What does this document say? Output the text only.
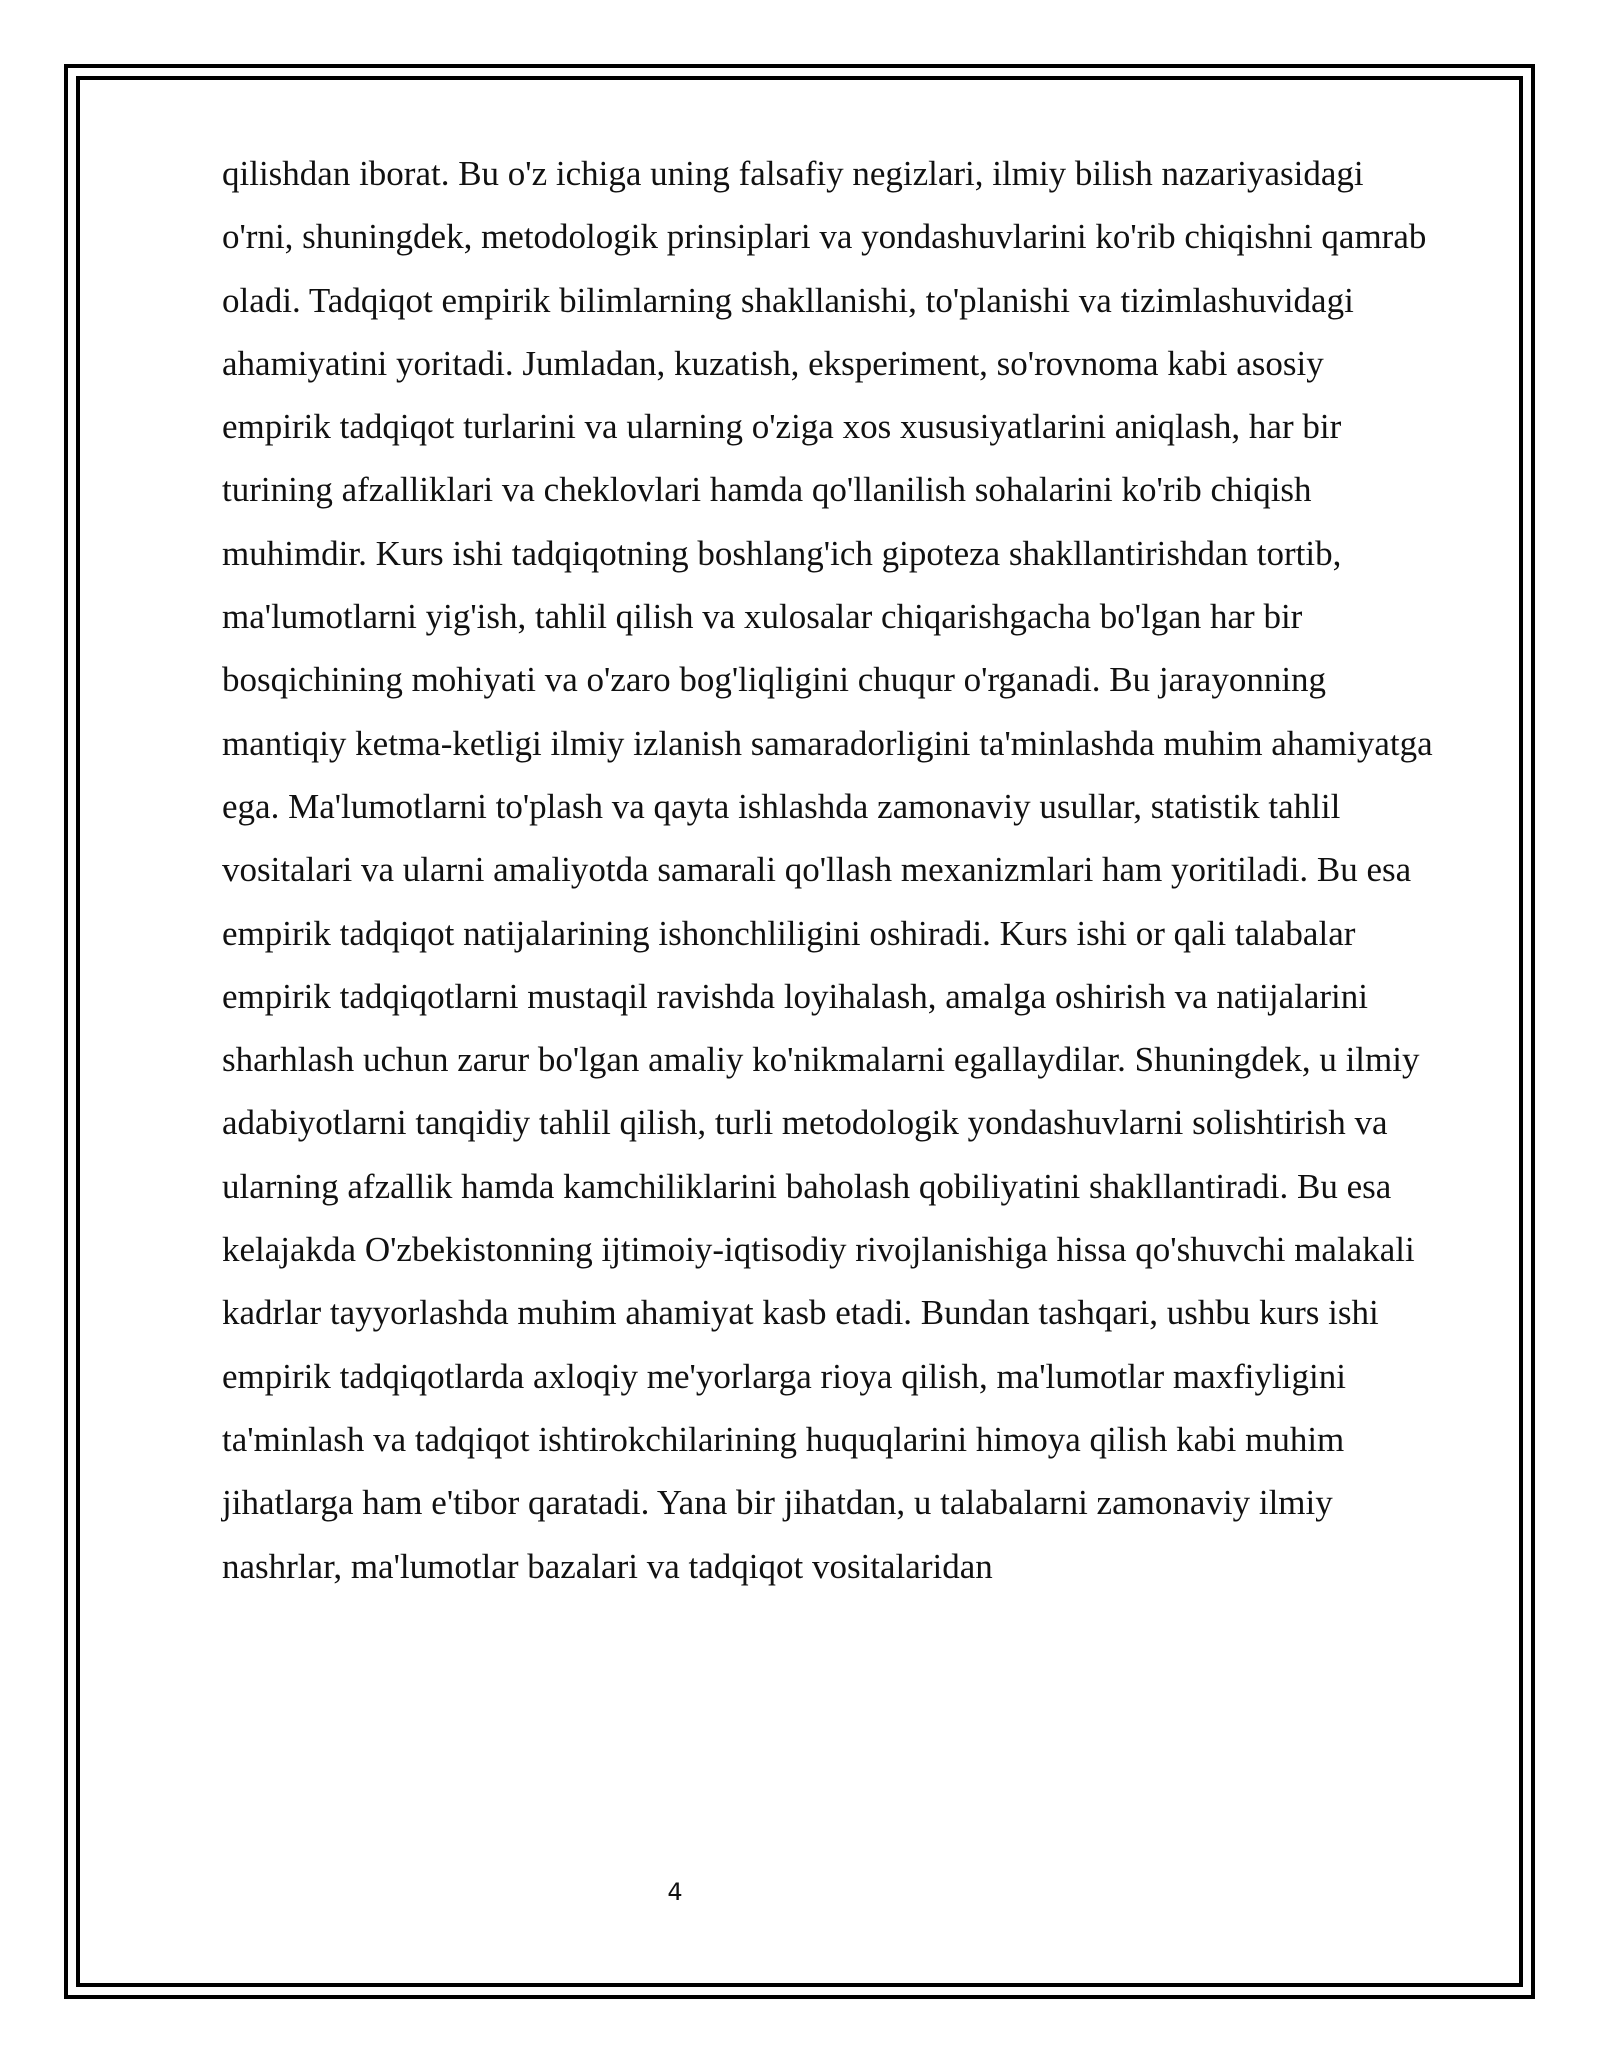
qilishdan iborat. Bu o'z ichiga uning falsafiy negizlari, ilmiy bilish nazariyasidagi
o'rni, shuningdek, metodologik prinsiplari va yondashuvlarini ko'rib chiqishni qamrab
oladi. Tadqiqot empirik bilimlarning shakllanishi, to'planishi va tizimlashuvidagi
ahamiyatini yoritadi. Jumladan, kuzatish, eksperiment, so'rovnoma kabi asosiy
empirik tadqiqot turlarini va ularning o'ziga xos xususiyatlarini aniqlash, har bir
turining afzalliklari va cheklovlari hamda qo'llanilish sohalarini ko'rib chiqish
muhimdir. Kurs ishi tadqiqotning boshlang'ich gipoteza shakllantirishdan tortib,
ma'lumotlarni yig'ish, tahlil qilish va xulosalar chiqarishgacha bo'lgan har bir
bosqichining mohiyati va o'zaro bog'liqligini chuqur o'rganadi. Bu jarayonning
mantiqiy ketma-ketligi ilmiy izlanish samaradorligini ta'minlashda muhim ahamiyatga
ega. Ma'lumotlarni to'plash va qayta ishlashda zamonaviy usullar, statistik tahlil
vositalari va ularni amaliyotda samarali qo'llash mexanizmlari ham yoritiladi. Bu esa
empirik tadqiqot natijalarining ishonchliligini oshiradi. Kurs ishi or qali talabalar
empirik tadqiqotlarni mustaqil ravishda loyihalash, amalga oshirish va natijalarini
sharhlash uchun zarur bo'lgan amaliy ko'nikmalarni egallaydilar. Shuningdek, u ilmiy
adabiyotlarni tanqidiy tahlil qilish, turli metodologik yondashuvlarni solishtirish va
ularning afzallik hamda kamchiliklarini baholash qobiliyatini shakllantiradi. Bu esa
kelajakda O'zbekistonning ijtimoiy-iqtisodiy rivojlanishiga hissa qo'shuvchi malakali
kadrlar tayyorlashda muhim ahamiyat kasb etadi. Bundan tashqari, ushbu kurs ishi
empirik tadqiqotlarda axloqiy me'yorlarga rioya qilish, ma'lumotlar maxfiyligini
ta'minlash va tadqiqot ishtirokchilarining huquqlarini himoya qilish kabi muhim
jihatlarga ham e'tibor qaratadi. Yana bir jihatdan, u talabalarni zamonaviy ilmiy
nashrlar, ma'lumotlar bazalari va tadqiqot vositalaridan
4
